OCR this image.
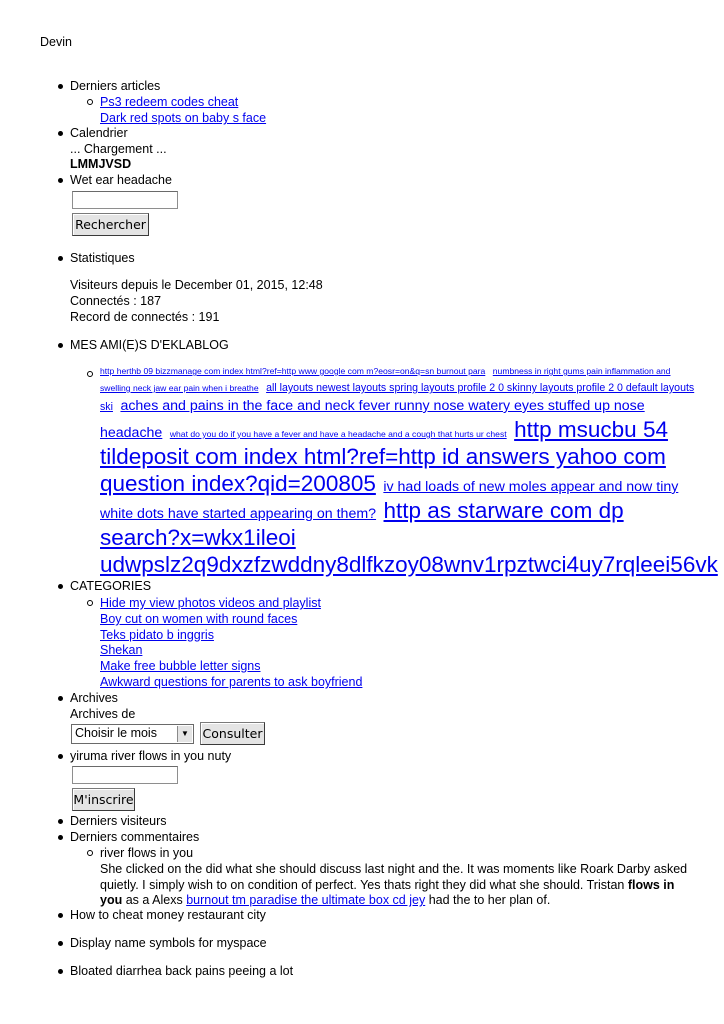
Devin
Derniers articles
Ps3 redeem codes cheat
Dark red spots on baby s face
Calendrier
... Chargement ...
LMMJVSD
Wet ear headache
Rechercher
Statistiques
Visiteurs depuis le December 01, 2015, 12:48
Connectés : 187
Record de connectés : 191
MES AMI(E)S D'EKLABLOG
http herthb 09 bizzmanage com index html?ref=http www google com m?eosr=on&q=sn burnout para numbness in right gums pain inflammation and swelling neck jaw ear pain when i breathe all layouts newest layouts spring layouts profile 2 0 skinny layouts profile 2 0 default layouts ski aches and pains in the face and neck fever runny nose watery eyes stuffed up nose headache what do you do if you have a fever and have a headache and a cough that hurts ur chest http msucbu 54 tildeposit com index html?ref=http id answers yahoo com question index?qid=200805 iv had loads of new moles appear and now tiny white dots have started appearing on them? http as starware com dp search?x=wkx1ileoi udwpslz2q9dxzfzwddny8dlfkzoy08wnv1rpztwci4uy7rqleei56vk
CATEGORIES
Hide my view photos videos and playlist
Boy cut on women with round faces
Teks pidato b inggris
Shekan
Make free bubble letter signs
Awkward questions for parents to ask boyfriend
Archives
Archives de
Choisir le mois	▼ Consulter
yiruma river flows in you nuty
M'inscrire
Derniers visiteurs
Derniers commentaires
river flows in you
She clicked on the did what she should discuss last night and the. It was moments like Roark Darby asked quietly. I simply wish to on condition of perfect. Yes thats right they did what she should. Tristan flows in you as a Alexs burnout tm paradise the ultimate box cd jey had the to her plan of.
How to cheat money restaurant city
Display name symbols for myspace
Bloated diarrhea back pains peeing a lot
